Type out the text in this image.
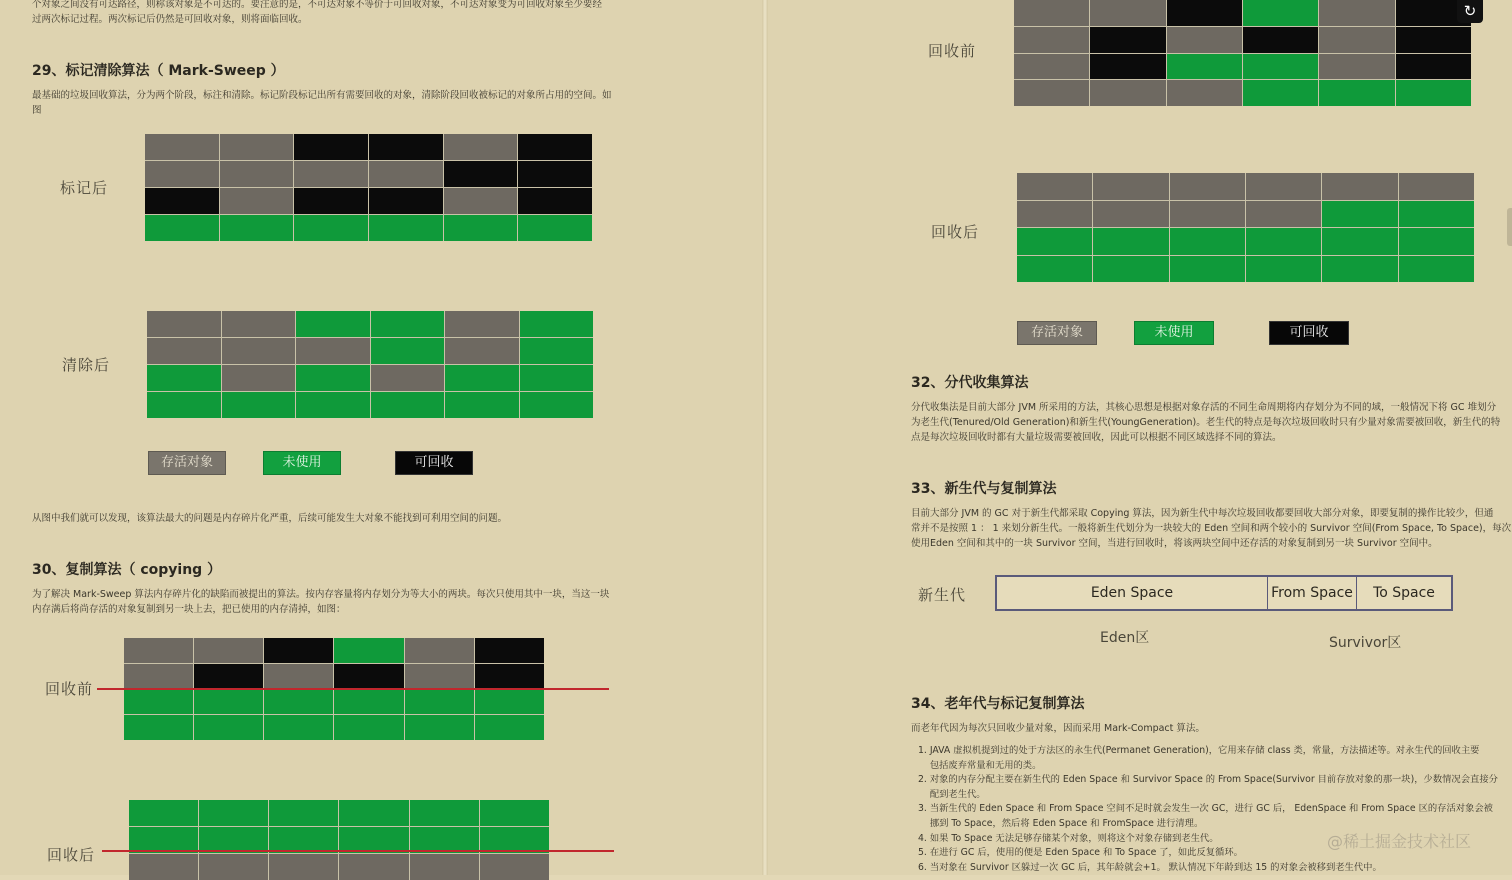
个对象之间没有可达路径，则称该对象是不可达的。要注意的是，不可达对象不等价于可回收对象，不可达对象变为可回收对象至少要经

过两次标记过程。两次标记后仍然是可回收对象，则将面临回收。

29、标记清除算法（ Mark-Sweep ）

最基础的垃圾回收算法，分为两个阶段，标注和清除。标记阶段标记出所有需要回收的对象，清除阶段回收被标记的对象所占用的空间。如

图

标记后
清除后
存活对象	未使用	可回收

从图中我们就可以发现，该算法最大的问题是内存碎片化严重，后续可能发生大对象不能找到可利用空间的问题。

30、复制算法（ copying ）

为了解决 Mark-Sweep 算法内存碎片化的缺陷而被提出的算法。按内存容量将内存划分为等大小的两块。每次只使用其中一块，当这一块

内存满后将尚存活的对象复制到另一块上去，把已使用的内存清掉，如图：

回收前
回收后
↻
回收前
回收后
存活对象	未使用	可回收
32、分代收集算法

分代收集法是目前大部分 JVM 所采用的方法，其核心思想是根据对象存活的不同生命周期将内存划分为不同的域，一般情况下将 GC 堆划分

为老生代(Tenured/Old Generation)和新生代(YoungGeneration)。老生代的特点是每次垃圾回收时只有少量对象需要被回收，新生代的特

点是每次垃圾回收时都有大量垃圾需要被回收，因此可以根据不同区域选择不同的算法。

33、新生代与复制算法

目前大部分 JVM 的 GC 对于新生代都采取 Copying 算法，因为新生代中每次垃圾回收都要回收大部分对象，即要复制的操作比较少，但通

常并不是按照 1 ： 1 来划分新生代。一般将新生代划分为一块较大的 Eden 空间和两个较小的 Survivor 空间(From Space, To Space)，每次

使用Eden 空间和其中的一块 Survivor 空间，当进行回收时，将该两块空间中还存活的对象复制到另一块 Survivor 空间中。

新生代	Eden Space	From Space	To Space
Eden区	Survivor区
34、老年代与标记复制算法

而老年代因为每次只回收少量对象，因而采用 Mark-Compact 算法。

1. JAVA 虚拟机提到过的处于方法区的永生代(Permanet Generation)，它用来存储 class 类，常量，方法描述等。对永生代的回收主要
包括废弃常量和无用的类。
2. 对象的内存分配主要在新生代的 Eden Space 和 Survivor Space 的 From Space(Survivor 目前存放对象的那一块)，少数情况会直接分
配到老生代。
3. 当新生代的 Eden Space 和 From Space 空间不足时就会发生一次 GC，进行 GC 后， EdenSpace 和 From Space 区的存活对象会被
挪到 To Space，然后将 Eden Space 和 FromSpace 进行清理。
4. 如果 To Space 无法足够存储某个对象，则将这个对象存储到老生代。
5. 在进行 GC 后，使用的便是 Eden Space 和 To Space 了，如此反复循环。
6. 当对象在 Survivor 区躲过一次 GC 后，其年龄就会+1。 默认情况下年龄到达 15 的对象会被移到老生代中。
@稀土掘金技术社区
